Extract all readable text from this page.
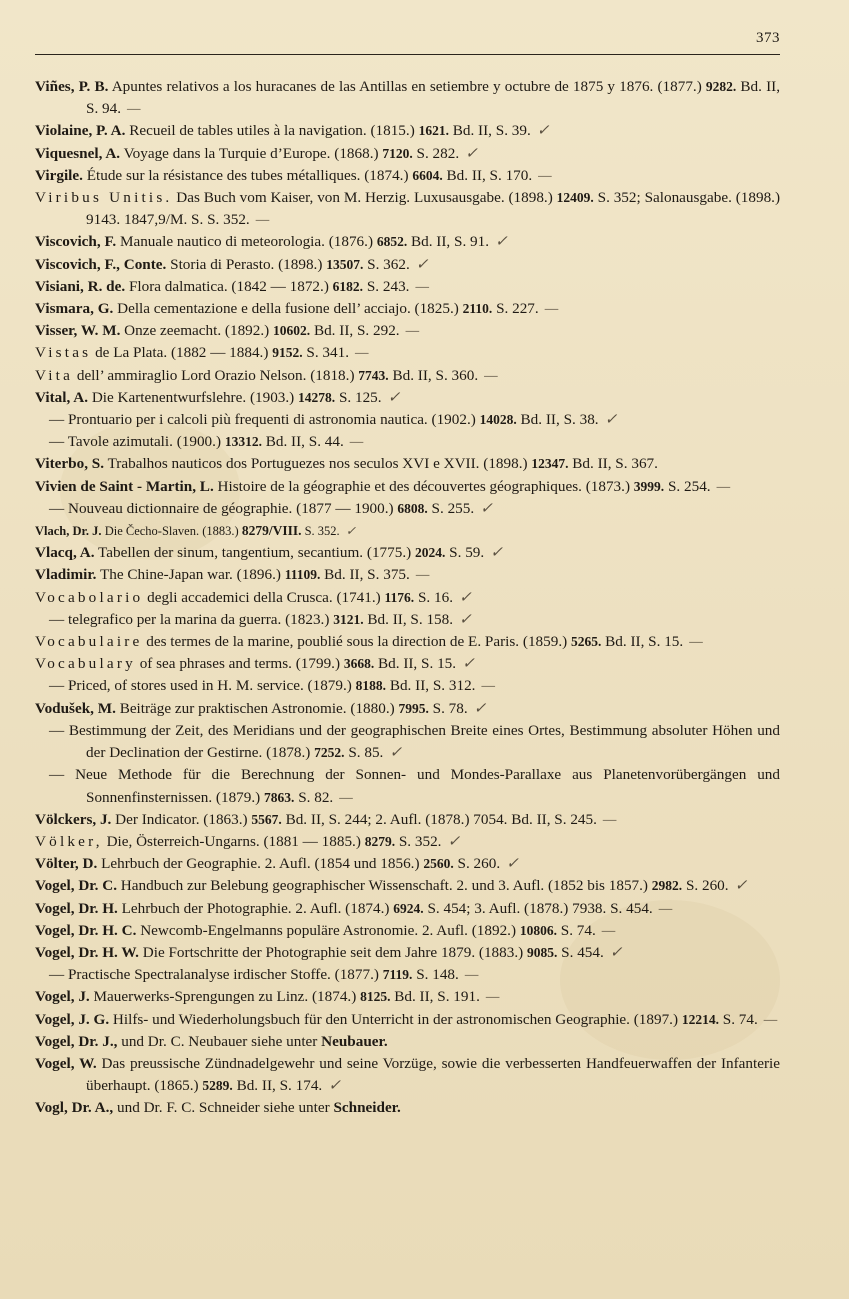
373

Viñes, P. B. Apuntes relativos a los huracanes de las Antillas en setiembre y octubre de 1875 y 1876. (1877.) 9282. Bd. II, S. 94. —

Violaine, P. A. Recueil de tables utiles à la navigation. (1815.) 1621. Bd. II, S. 39. ✓

Viquesnel, A. Voyage dans la Turquie d’Europe. (1868.) 7120. S. 282. ✓

Virgile. Étude sur la résistance des tubes métalliques. (1874.) 6604. Bd. II, S. 170. —

Viribus Unitis. Das Buch vom Kaiser, von M. Herzig. Luxusausgabe. (1898.) 12409. S. 352; Salonausgabe. (1898.) 9143. 1847,9/M. S. S. 352. —

Viscovich, F. Manuale nautico di meteorologia. (1876.) 6852. Bd. II, S. 91. ✓

Viscovich, F., Conte. Storia di Perasto. (1898.) 13507. S. 362. ✓

Visiani, R. de. Flora dalmatica. (1842 — 1872.) 6182. S. 243. —

Vismara, G. Della cementazione e della fusione dell’ acciajo. (1825.) 2110. S. 227. —

Visser, W. M. Onze zeemacht. (1892.) 10602. Bd. II, S. 292. —

Vistas de La Plata. (1882 — 1884.) 9152. S. 341. —

Vita dell’ ammiraglio Lord Orazio Nelson. (1818.) 7743. Bd. II, S. 360. —

Vital, A. Die Kartenentwurfslehre. (1903.) 14278. S. 125. ✓

— Prontuario per i calcoli più frequenti di astronomia nautica. (1902.) 14028. Bd. II, S. 38. ✓

— Tavole azimutali. (1900.) 13312. Bd. II, S. 44. —

Viterbo, S. Trabalhos nauticos dos Portuguezes nos seculos XVI e XVII. (1898.) 12347. Bd. II, S. 367.

Vivien de Saint - Martin, L. Histoire de la géographie et des découvertes géographiques. (1873.) 3999. S. 254. —

— Nouveau dictionnaire de géographie. (1877 — 1900.) 6808. S. 255. ✓

Vlach, Dr. J. Die Čecho-Slaven. (1883.) 8279/VIII. S. 352. ✓

Vlacq, A. Tabellen der sinum, tangentium, secantium. (1775.) 2024. S. 59. ✓

Vladimir. The Chine-Japan war. (1896.) 11109. Bd. II, S. 375. —

Vocabolario degli accademici della Crusca. (1741.) 1176. S. 16. ✓

— telegrafico per la marina da guerra. (1823.) 3121. Bd. II, S. 158. ✓

Vocabulaire des termes de la marine, poublié sous la direction de E. Paris. (1859.) 5265. Bd. II, S. 15. —

Vocabulary of sea phrases and terms. (1799.) 3668. Bd. II, S. 15. ✓

— Priced, of stores used in H. M. service. (1879.) 8188. Bd. II, S. 312. —

Vodušek, M. Beiträge zur praktischen Astronomie. (1880.) 7995. S. 78. ✓

— Bestimmung der Zeit, des Meridians und der geographischen Breite eines Ortes, Bestimmung absoluter Höhen und der Declination der Gestirne. (1878.) 7252. S. 85. ✓

— Neue Methode für die Berechnung der Sonnen- und Mondes-Parallaxe aus Planetenvorübergängen und Sonnenfinsternissen. (1879.) 7863. S. 82. —

Völckers, J. Der Indicator. (1863.) 5567. Bd. II, S. 244; 2. Aufl. (1878.) 7054. Bd. II, S. 245. —

Völker, Die, Österreich-Ungarns. (1881 — 1885.) 8279. S. 352. ✓

Völter, D. Lehrbuch der Geographie. 2. Aufl. (1854 und 1856.) 2560. S. 260. ✓

Vogel, Dr. C. Handbuch zur Belebung geographischer Wissenschaft. 2. und 3. Aufl. (1852 bis 1857.) 2982. S. 260. ✓

Vogel, Dr. H. Lehrbuch der Photographie. 2. Aufl. (1874.) 6924. S. 454; 3. Aufl. (1878.) 7938. S. 454. —

Vogel, Dr. H. C. Newcomb-Engelmanns populäre Astronomie. 2. Aufl. (1892.) 10806. S. 74. —

Vogel, Dr. H. W. Die Fortschritte der Photographie seit dem Jahre 1879. (1883.) 9085. S. 454. ✓

— Practische Spectralanalyse irdischer Stoffe. (1877.) 7119. S. 148. —

Vogel, J. Mauerwerks-Sprengungen zu Linz. (1874.) 8125. Bd. II, S. 191. —

Vogel, J. G. Hilfs- und Wiederholungsbuch für den Unterricht in der astronomischen Geographie. (1897.) 12214. S. 74. —

Vogel, Dr. J., und Dr. C. Neubauer siehe unter Neubauer.

Vogel, W. Das preussische Zündnadelgewehr und seine Vorzüge, sowie die verbesserten Handfeuerwaffen der Infanterie überhaupt. (1865.) 5289. Bd. II, S. 174. ✓

Vogl, Dr. A., und Dr. F. C. Schneider siehe unter Schneider.
